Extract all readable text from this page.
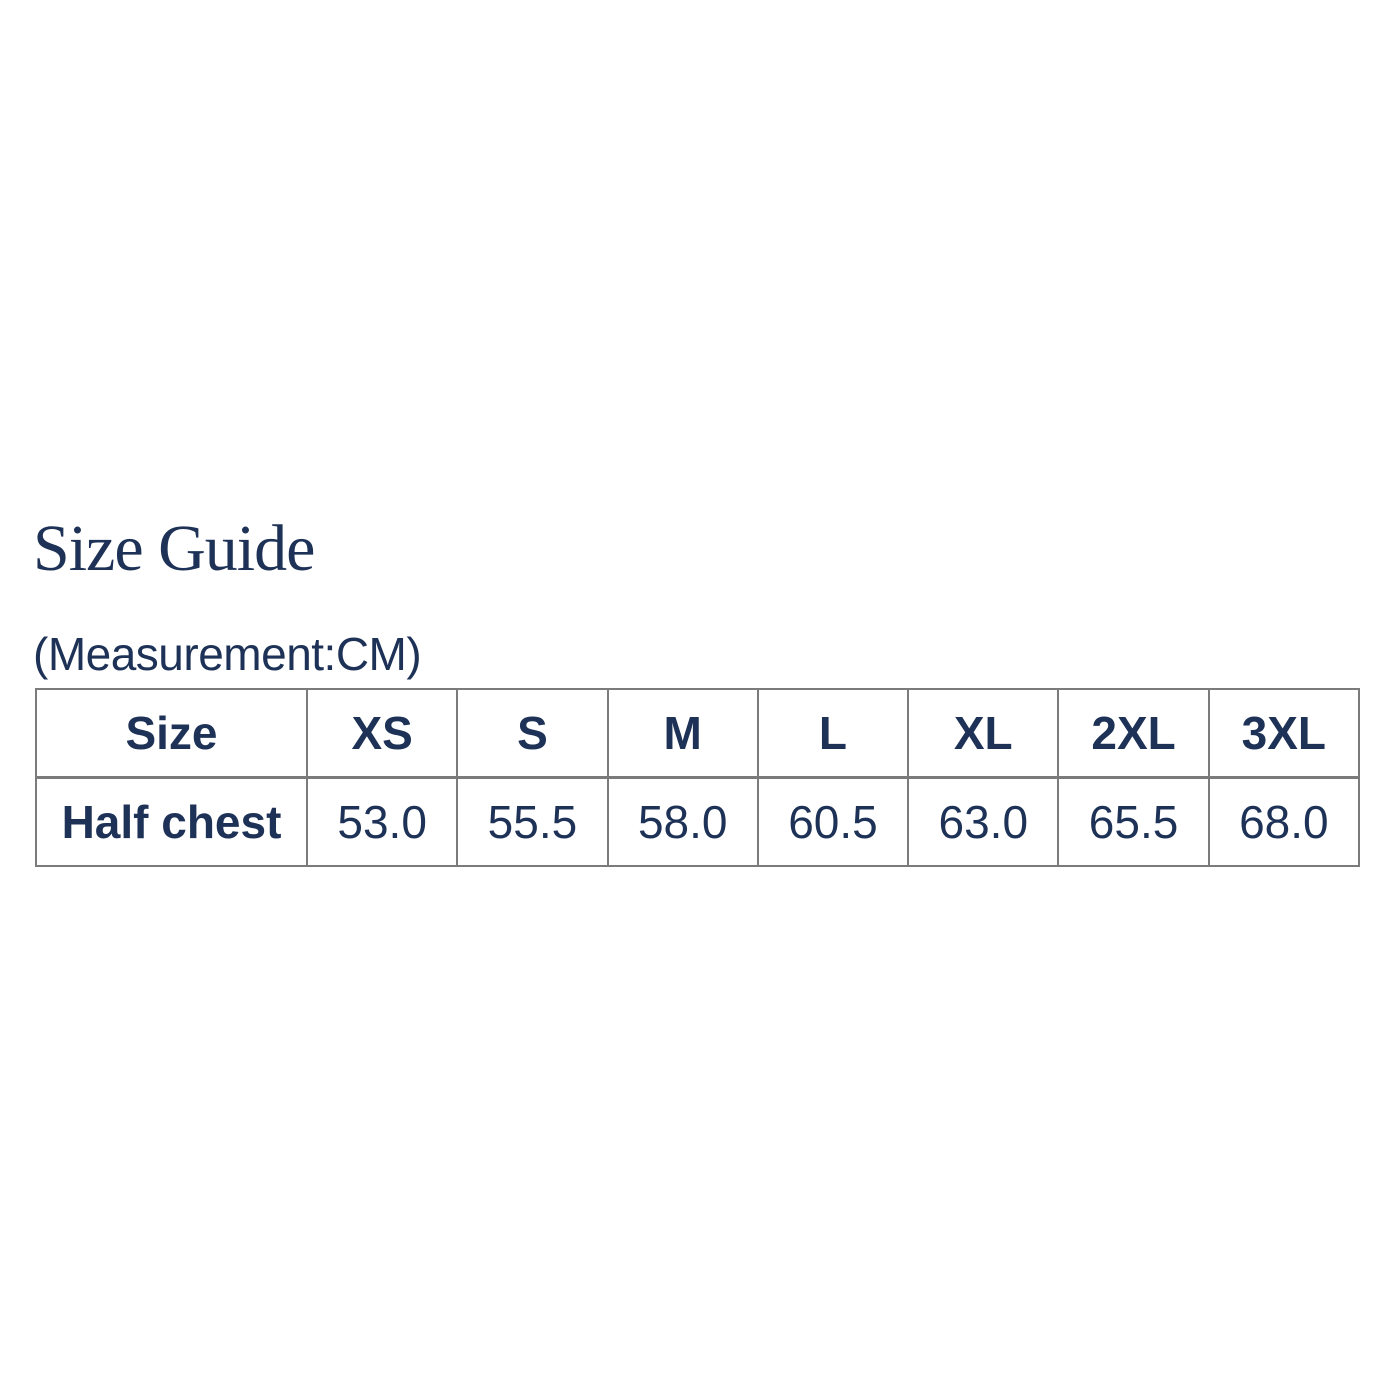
Size Guide
(Measurement:CM)
Size	XS	S	M	L	XL	2XL	3XL
Half chest	53.0	55.5	58.0	60.5	63.0	65.5	68.0
